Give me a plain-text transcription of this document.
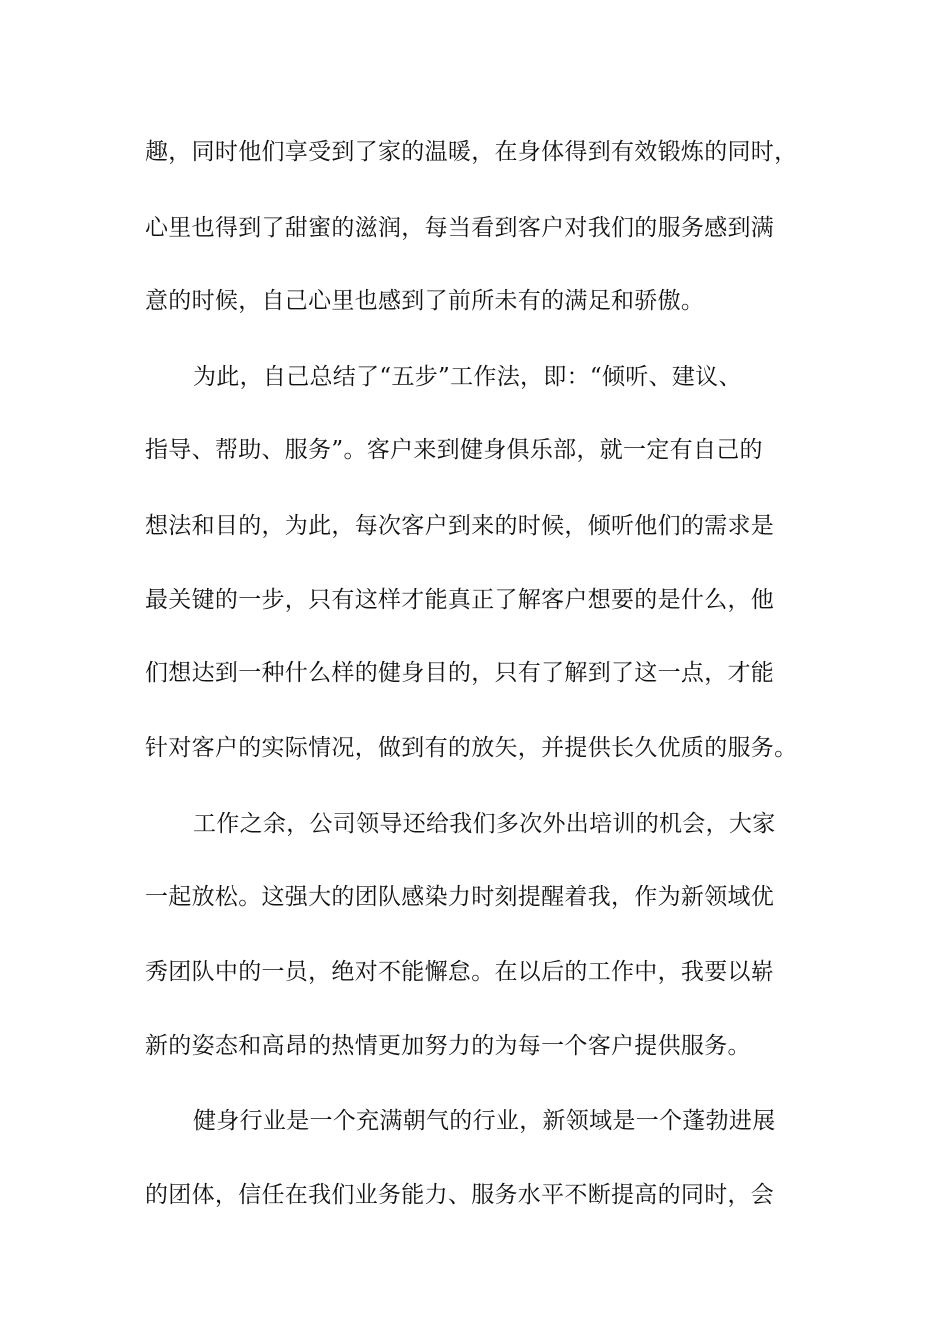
趣，同时他们享受到了家的温暖，在身体得到有效锻炼的同时，
心里也得到了甜蜜的滋润，每当看到客户对我们的服务感到满
意的时候，自己心里也感到了前所未有的满足和骄傲。
为此，自己总结了“五步”工作法，即：“倾听、建议、
指导、帮助、服务”。客户来到健身俱乐部，就一定有自己的
想法和目的，为此，每次客户到来的时候，倾听他们的需求是
最关键的一步，只有这样才能真正了解客户想要的是什么，他
们想达到一种什么样的健身目的，只有了解到了这一点，才能
针对客户的实际情况，做到有的放矢，并提供长久优质的服务。
工作之余，公司领导还给我们多次外出培训的机会，大家
一起放松。这强大的团队感染力时刻提醒着我，作为新领域优
秀团队中的一员，绝对不能懈怠。在以后的工作中，我要以崭
新的姿态和高昂的热情更加努力的为每一个客户提供服务。
健身行业是一个充满朝气的行业，新领域是一个蓬勃进展
的团体，信任在我们业务能力、服务水平不断提高的同时，会
